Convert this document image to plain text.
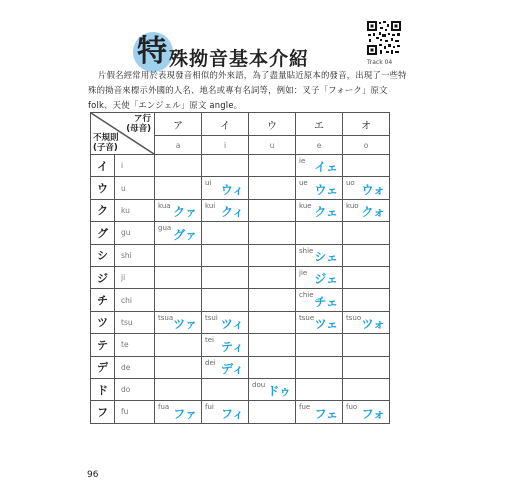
特 殊拗音基本介紹	Track 04

片假名經常用於表現發音相似的外來語，為了盡量貼近原本的發音，出現了一些特殊的拗音來標示外國的人名、地名或專有名詞等，例如：叉子「フォーク」原文 folk、天使「エンジェル」原文 angle。

ア行
(母音)
不規則
(子音)		ア	イ	ウ	エ	オ
		a	i	u	e	o
イ	i				ie イェ	

ウ	u		ui ウィ		ue ウェ	uo ウォ

ク	ku	kua クァ	kui クィ		kue クェ	kuo クォ

グ	gu	gua グァ				

シ	shi				shie シェ	

ジ	ji				jie ジェ	

チ	chi				chie チェ	

ツ	tsu	tsua ツァ	tsui ツィ		tsue ツェ	tsuo ツォ

テ	te		tei ティ			

デ	de		dei ディ			

ド	do			dou ドゥ		

フ	fu	fua ファ	fui フィ		fue フェ	fuo フォ
96
